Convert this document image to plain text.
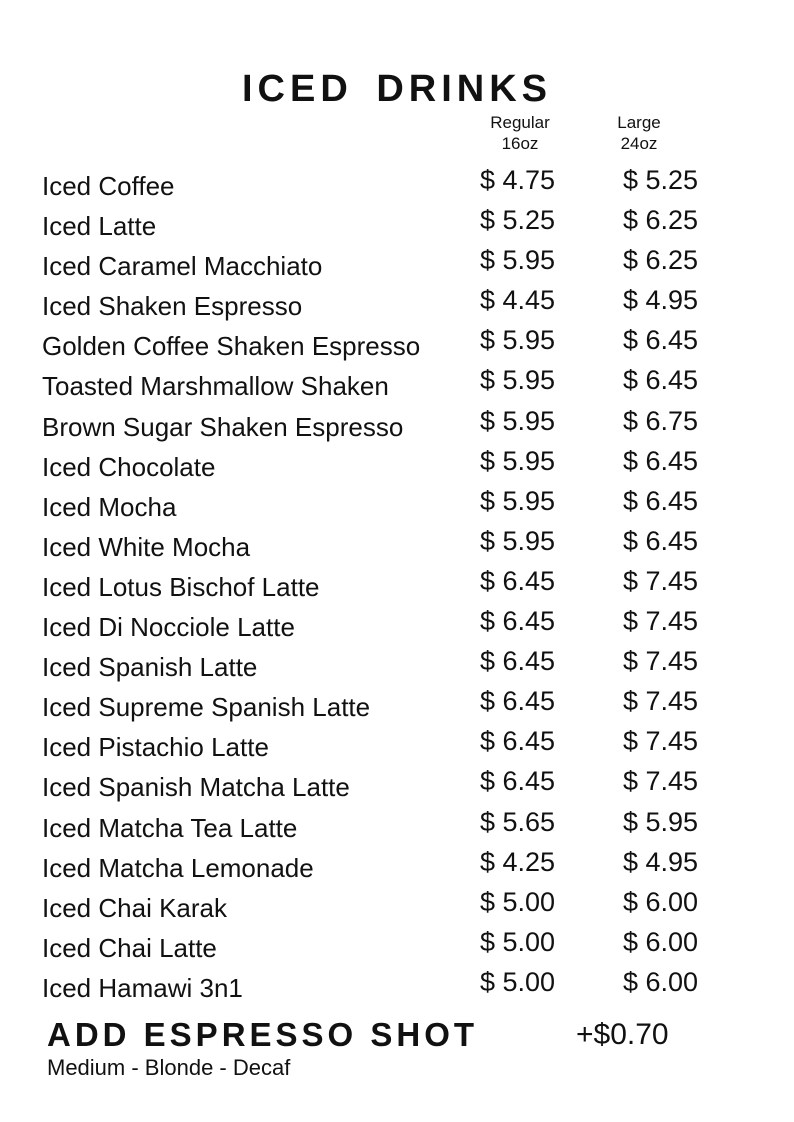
ICED DRINKS
Regular
16oz
Large
24oz
Iced Coffee	$ 4.75	$ 5.25
Iced Latte	$ 5.25	$ 6.25
Iced Caramel Macchiato	$ 5.95	$ 6.25
Iced Shaken Espresso	$ 4.45	$ 4.95
Golden Coffee Shaken Espresso $ 5.95	$ 6.45
Toasted Marshmallow Shaken	$ 5.95	$ 6.45
Brown Sugar Shaken Espresso	$ 5.95	$ 6.75
Iced Chocolate	$ 5.95	$ 6.45
Iced Mocha	$ 5.95	$ 6.45
Iced White Mocha	$ 5.95	$ 6.45
Iced Lotus Bischof Latte	$ 6.45	$ 7.45
Iced Di Nocciole Latte	$ 6.45	$ 7.45
Iced Spanish Latte	$ 6.45	$ 7.45
Iced Supreme Spanish Latte	$ 6.45	$ 7.45
Iced Pistachio Latte	$ 6.45	$ 7.45
Iced Spanish Matcha Latte	$ 6.45	$ 7.45
Iced Matcha Tea Latte	$ 5.65	$ 5.95
Iced Matcha Lemonade	$ 4.25	$ 4.95
Iced Chai Karak	$ 5.00	$ 6.00
Iced Chai Latte	$ 5.00	$ 6.00
Iced Hamawi 3n1	$ 5.00	$ 6.00
ADD ESPRESSO SHOT	+$0.70
Medium - Blonde - Decaf
